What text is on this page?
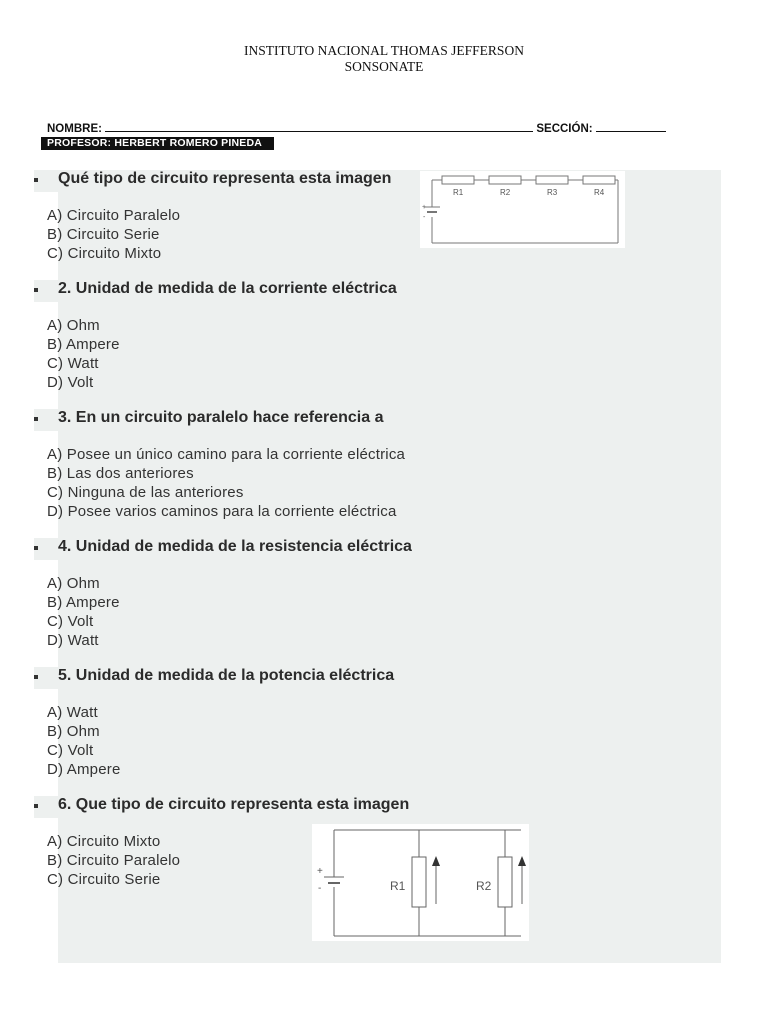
INSTITUTO NACIONAL THOMAS JEFFERSON
SONSONATE
NOMBRE:	SECCIÓN:
PROFESOR: HERBERT ROMERO PINEDA
Qué tipo de circuito representa esta imagen
A) Circuito Paralelo
B) Circuito Serie
C) Circuito Mixto
R1	R2	R3	R4
+
-
2. Unidad de medida de la corriente eléctrica
A) Ohm
B) Ampere
C) Watt
D) Volt
3. En un circuito paralelo hace referencia a
A) Posee un único camino para la corriente eléctrica
B) Las dos anteriores
C) Ninguna de las anteriores
D) Posee varios caminos para la corriente eléctrica
4. Unidad de medida de la resistencia eléctrica
A) Ohm
B) Ampere
C) Volt
D) Watt
5. Unidad de medida de la potencia eléctrica
A) Watt
B) Ohm
C) Volt
D) Ampere
6. Que tipo de circuito representa esta imagen
A) Circuito Mixto
B) Circuito Paralelo
C) Circuito Serie	R1	R2
+
-
